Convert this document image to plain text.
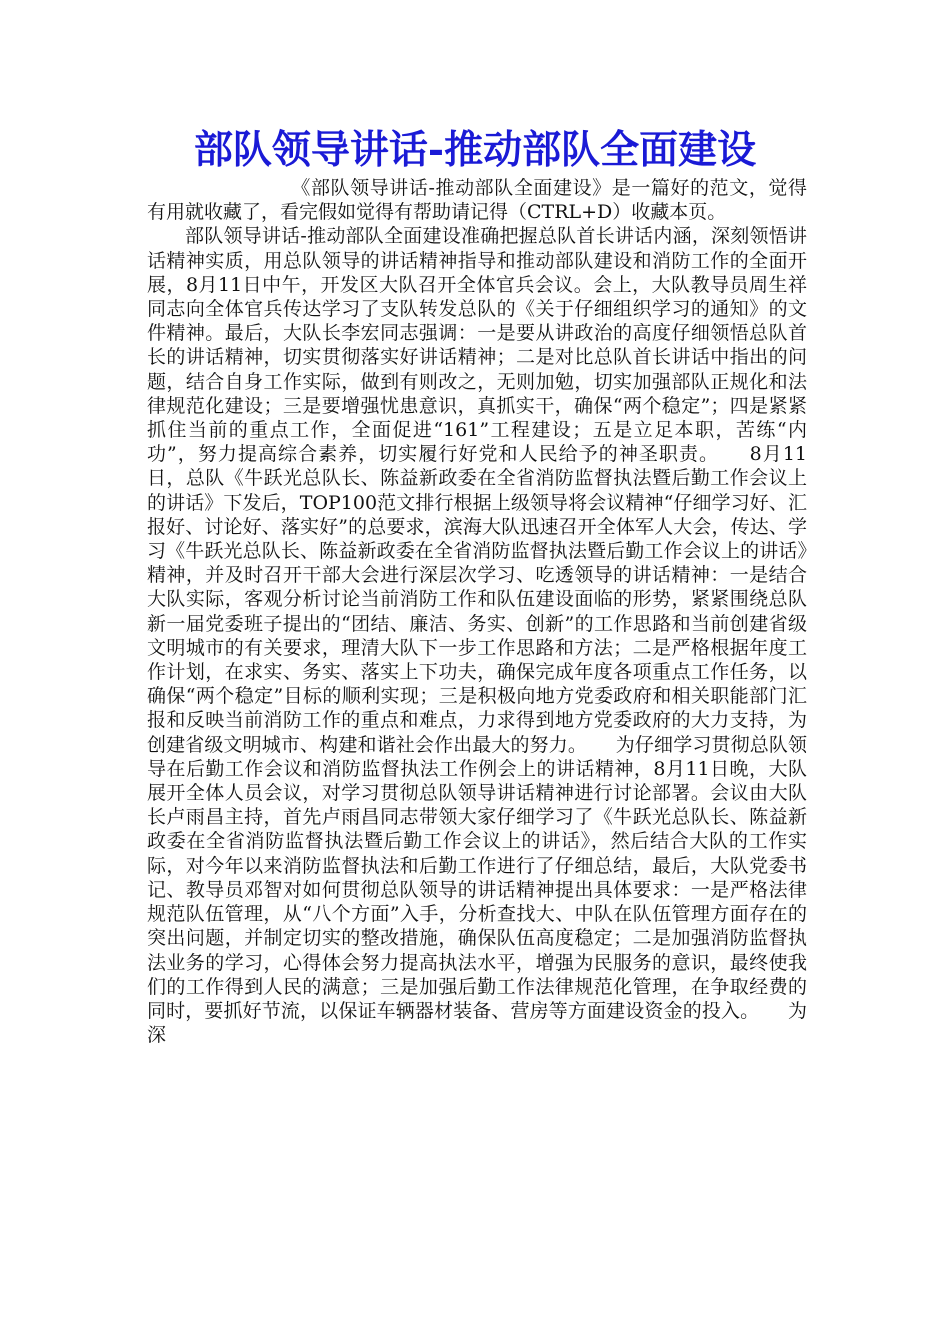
部队领导讲话-推动部队全面建设

《部队领导讲话-推动部队全面建设》是一篇好的范文，觉得有用就收藏了，看完假如觉得有帮助请记得（CTRL+D）收藏本页。

部队领导讲话-推动部队全面建设准确把握总队首长讲话内涵，深刻领悟讲话精神实质，用总队领导的讲话精神指导和推动部队建设和消防工作的全面开展，8月11日中午，开发区大队召开全体官兵会议。会上，大队教导员周生祥同志向全体官兵传达学习了支队转发总队的《关于仔细组织学习的通知》的文件精神。最后，大队长李宏同志强调：一是要从讲政治的高度仔细领悟总队首长的讲话精神，切实贯彻落实好讲话精神；二是对比总队首长讲话中指出的问题，结合自身工作实际，做到有则改之，无则加勉，切实加强部队正规化和法律规范化建设；三是要增强忧患意识，真抓实干，确保“两个稳定”；四是紧紧抓住当前的重点工作，全面促进“161”工程建设；五是立足本职，苦练“内功”，努力提高综合素养，切实履行好党和人民给予的神圣职责。　　8月11日，总队《牛跃光总队长、陈益新政委在全省消防监督执法暨后勤工作会议上的讲话》下发后，TOP100范文排行根据上级领导将会议精神“仔细学习好、汇报好、讨论好、落实好”的总要求，滨海大队迅速召开全体军人大会，传达、学习《牛跃光总队长、陈益新政委在全省消防监督执法暨后勤工作会议上的讲话》精神，并及时召开干部大会进行深层次学习、吃透领导的讲话精神：一是结合大队实际，客观分析讨论当前消防工作和队伍建设面临的形势，紧紧围绕总队新一届党委班子提出的“团结、廉洁、务实、创新”的工作思路和当前创建省级文明城市的有关要求，理清大队下一步工作思路和方法；二是严格根据年度工作计划，在求实、务实、落实上下功夫，确保完成年度各项重点工作任务，以确保“两个稳定”目标的顺利实现；三是积极向地方党委政府和相关职能部门汇报和反映当前消防工作的重点和难点，力求得到地方党委政府的大力支持，为创建省级文明城市、构建和谐社会作出最大的努力。　　为仔细学习贯彻总队领导在后勤工作会议和消防监督执法工作例会上的讲话精神，8月11日晚，大队展开全体人员会议，对学习贯彻总队领导讲话精神进行讨论部署。会议由大队长卢雨昌主持，首先卢雨昌同志带领大家仔细学习了《牛跃光总队长、陈益新政委在全省消防监督执法暨后勤工作会议上的讲话》，然后结合大队的工作实际，对今年以来消防监督执法和后勤工作进行了仔细总结，最后，大队党委书记、教导员邓智对如何贯彻总队领导的讲话精神提出具体要求：一是严格法律规范队伍管理，从“八个方面”入手，分析查找大、中队在队伍管理方面存在的突出问题，并制定切实的整改措施，确保队伍高度稳定；二是加强消防监督执法业务的学习，心得体会努力提高执法水平，增强为民服务的意识，最终使我们的工作得到人民的满意；三是加强后勤工作法律规范化管理，在争取经费的同时，要抓好节流，以保证车辆器材装备、营房等方面建设资金的投入。　　为深
